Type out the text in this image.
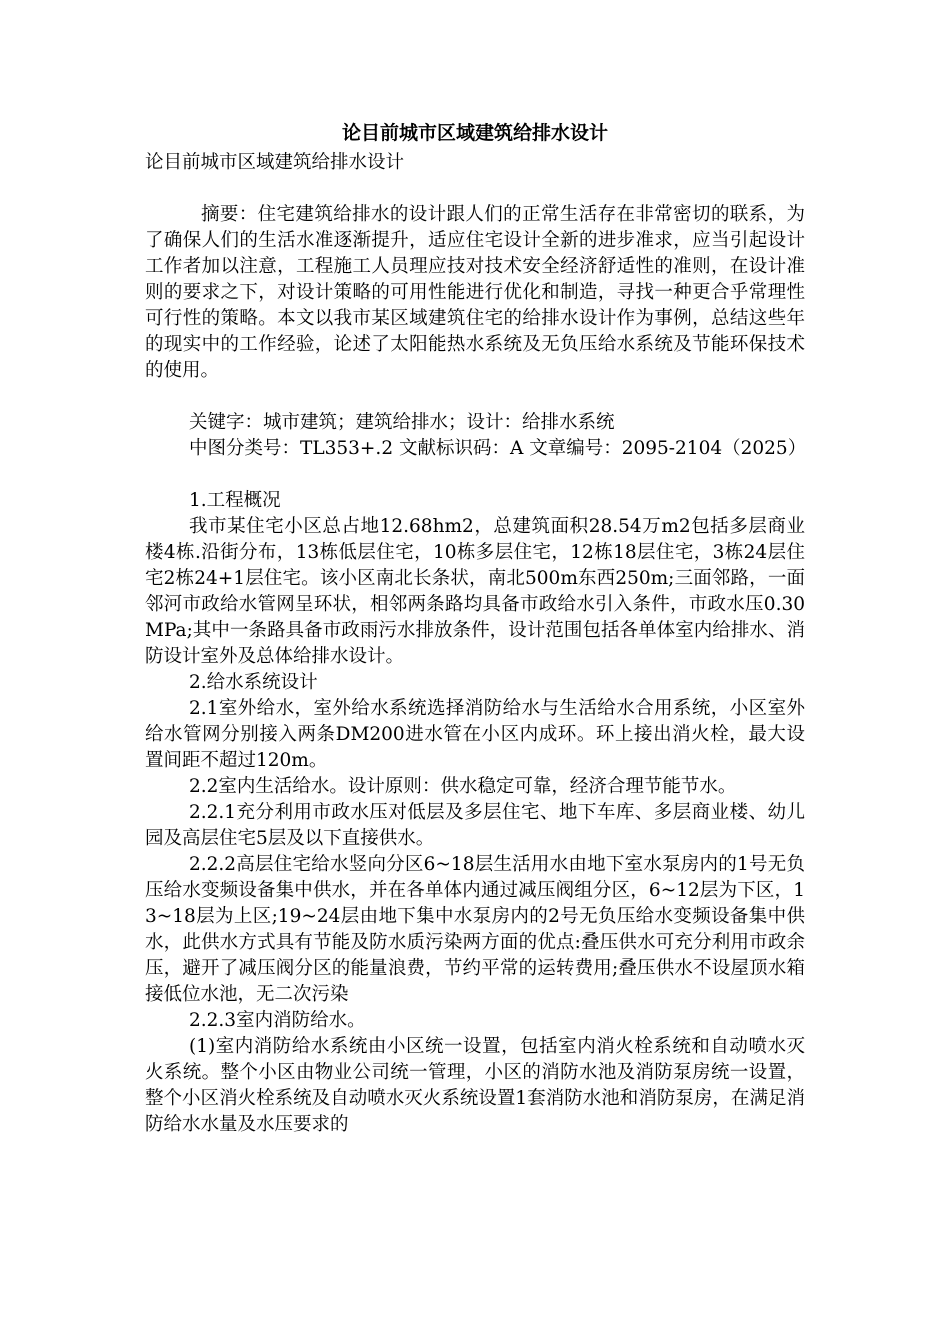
论目前城市区域建筑给排水设计

论目前城市区域建筑给排水设计

摘要：住宅建筑给排水的设计跟人们的正常生活存在非常密切的联系，为了确保人们的生活水准逐渐提升，适应住宅设计全新的进步准求，应当引起设计工作者加以注意，工程施工人员理应技对技术安全经济舒适性的准则，在设计准则的要求之下，对设计策略的可用性能进行优化和制造，寻找一种更合乎常理性可行性的策略。本文以我市某区域建筑住宅的给排水设计作为事例，总结这些年的现实中的工作经验，论述了太阳能热水系统及无负压给水系统及节能环保技术的使用。

关键字：城市建筑；建筑给排水；设计：给排水系统

中图分类号：TL353+.2 文献标识码：A 文章编号：2095-2104（2025）

1.工程概况

我市某住宅小区总占地12.68hm2，总建筑面积28.54万m2包括多层商业楼4栋.沿街分布，13栋低层住宅，10栋多层住宅，12栋18层住宅，3栋24层住宅2栋24+1层住宅。该小区南北长条状，南北500m东西250m;三面邻路，一面邻河市政给水管网呈环状，相邻两条路均具备市政给水引入条件，市政水压0.30MPa;其中一条路具备市政雨污水排放条件，设计范围包括各单体室内给排水、消防设计室外及总体给排水设计。

2.给水系统设计

2.1室外给水，室外给水系统选择消防给水与生活给水合用系统，小区室外给水管网分别接入两条DM200进水管在小区内成环。环上接出消火栓，最大设置间距不超过120m。

2.2室内生活给水。设计原则：供水稳定可靠，经济合理节能节水。

2.2.1充分利用市政水压对低层及多层住宅、地下车库、多层商业楼、幼儿园及高层住宅5层及以下直接供水。

2.2.2高层住宅给水竖向分区6~18层生活用水由地下室水泵房内的1号无负压给水变频设备集中供水，并在各单体内通过减压阀组分区，6~12层为下区，13~18层为上区;19~24层由地下集中水泵房内的2号无负压给水变频设备集中供水，此供水方式具有节能及防水质污染两方面的优点:叠压供水可充分利用市政余压，避开了减压阀分区的能量浪费，节约平常的运转费用;叠压供水不设屋顶水箱接低位水池，无二次污染

2.2.3室内消防给水。

(1)室内消防给水系统由小区统一设置，包括室内消火栓系统和自动喷水灭火系统。整个小区由物业公司统一管理，小区的消防水池及消防泵房统一设置，整个小区消火栓系统及自动喷水灭火系统设置1套消防水池和消防泵房，在满足消防给水水量及水压要求的
